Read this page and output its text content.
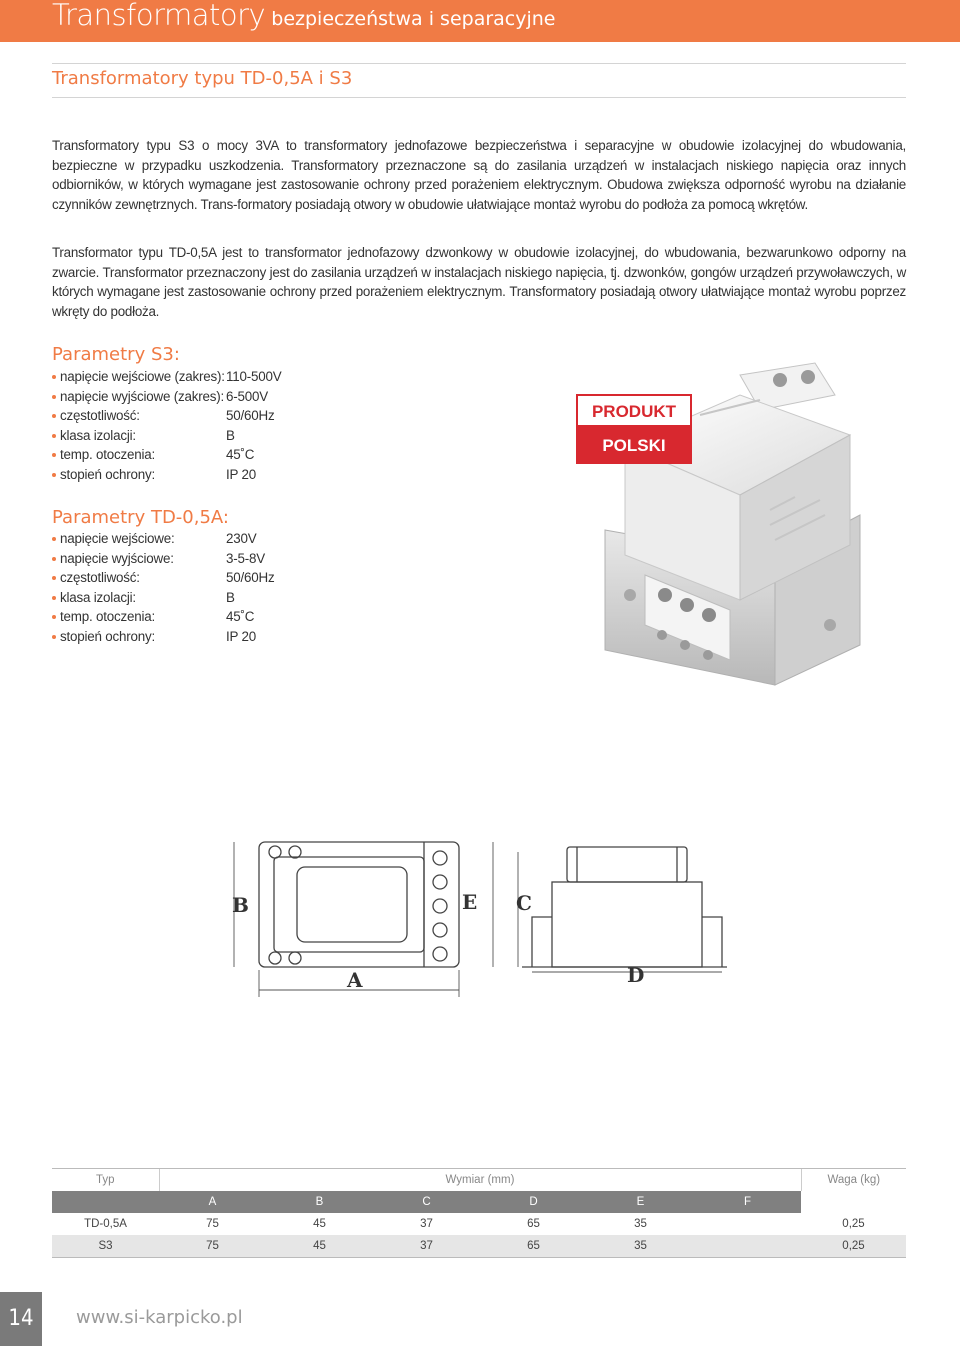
Transformatory bezpieczeństwa i separacyjne
Transformatory typu TD-0,5A i S3

Transformatory typu S3 o mocy 3VA to transformatory jednofazowe bezpieczeństwa i separacyjne w obudowie izolacyjnej do wbudowania, bezpieczne w przypadku uszkodzenia. Transformatory przeznaczone są do zasilania urządzeń w instalacjach niskiego napięcia oraz innych odbiorników, w których wymagane jest zastosowanie ochrony przed porażeniem elektrycznym. Obudowa zwiększa odporność wyrobu na działanie czynników zewnętrznych. Trans-formatory posiadają otwory w obudowie ułatwiające montaż wyrobu do podłoża za pomocą wkrętów.

Transformator typu TD-0,5A jest to transformator jednofazowy dzwonkowy w obudowie izolacyjnej, do wbudowania, bezwarunkowo odporny na zwarcie. Transformator przeznaczony jest do zasilania urządzeń w instalacjach niskiego napięcia, tj. dzwonków, gongów urządzeń przywoławczych, w których wymagane jest zastosowanie ochrony przed porażeniem elektrycznym. Transformatory posiadają otwory ułatwiające montaż wyrobu poprzez wkręty do podłoża.

Parametry S3:
napięcie wejściowe (zakres): 110-500V
napięcie wyjściowe (zakres): 6-500V
częstotliwość:	50/60Hz
klasa izolacji:	B
temp. otoczenia:	45˚C
stopień ochrony:	IP 20
Parametry TD-0,5A:
napięcie wejściowe:	230V
napięcie wyjściowe:	3-5-8V
częstotliwość:	50/60Hz
klasa izolacji:	B
temp. otoczenia:	45˚C
stopień ochrony:	IP 20
PRODUKT
POLSKI
B
A
E C
D
Typ	Wymiar (mm)						Waga (kg)
	A	B	C	D	E	F	
TD-0,5A	75	45	37	65	35		0,25
S3	75	45	37	65	35		0,25
14	www.si-karpicko.pl
